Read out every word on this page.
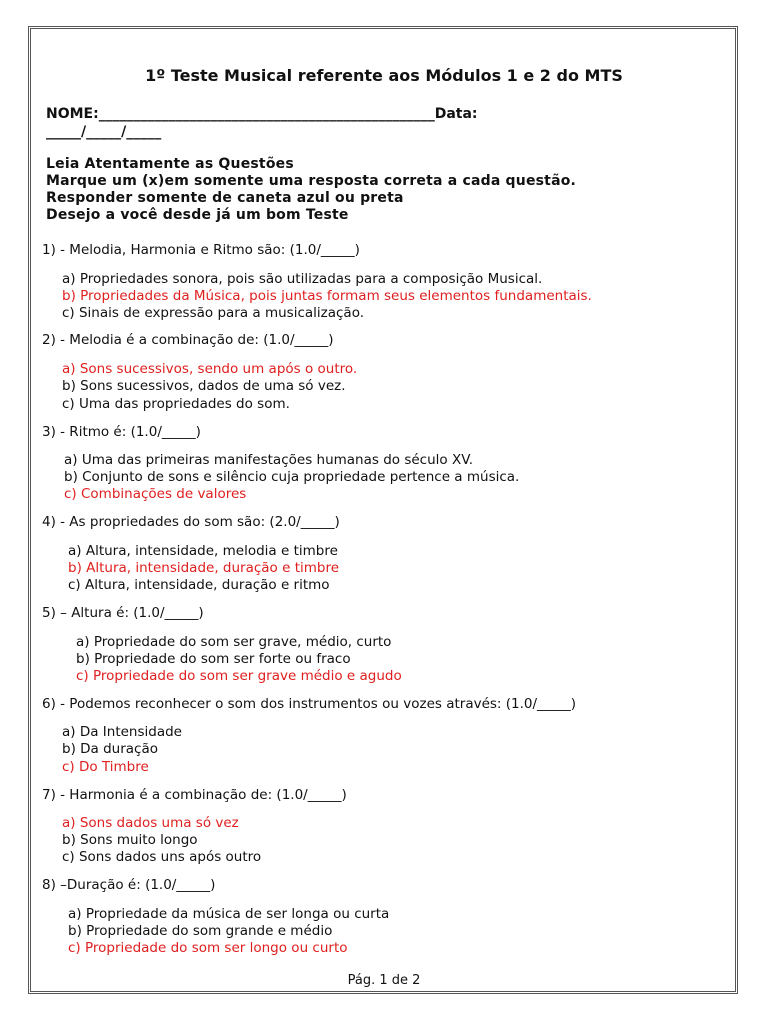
1º Teste Musical referente aos Módulos 1 e 2 do MTS
NOME:________________________________________________Data:
_____/_____/_____
Leia Atentamente as Questões
Marque um (x)em somente uma resposta correta a cada questão.
Responder somente de caneta azul ou preta
Desejo a você desde já um bom Teste
1) - Melodia, Harmonia e Ritmo são: (1.0/_____)
a) Propriedades sonora, pois são utilizadas para a composição Musical.
b) Propriedades da Música, pois juntas formam seus elementos fundamentais.
c) Sinais de expressão para a musicalização.
2) - Melodia é a combinação de: (1.0/_____)
a) Sons sucessivos, sendo um após o outro.
b) Sons sucessivos, dados de uma só vez.
c) Uma das propriedades do som.
3) - Ritmo é: (1.0/_____)
a) Uma das primeiras manifestações humanas do século XV.
b) Conjunto de sons e silêncio cuja propriedade pertence a música.
c) Combinações de valores
4) - As propriedades do som são: (2.0/_____)
a) Altura, intensidade, melodia e timbre
b) Altura, intensidade, duração e timbre
c) Altura, intensidade, duração e ritmo
5) – Altura é: (1.0/_____)
a) Propriedade do som ser grave, médio, curto
b) Propriedade do som ser forte ou fraco
c) Propriedade do som ser grave médio e agudo
6) - Podemos reconhecer o som dos instrumentos ou vozes através: (1.0/_____)
a) Da Intensidade
b) Da duração
c) Do Timbre
7) - Harmonia é a combinação de: (1.0/_____)
a) Sons dados uma só vez
b) Sons muito longo
c) Sons dados uns após outro
8) –Duração é: (1.0/_____)
a) Propriedade da música de ser longa ou curta
b) Propriedade do som grande e médio
c) Propriedade do som ser longo ou curto
Pág. 1 de 2
